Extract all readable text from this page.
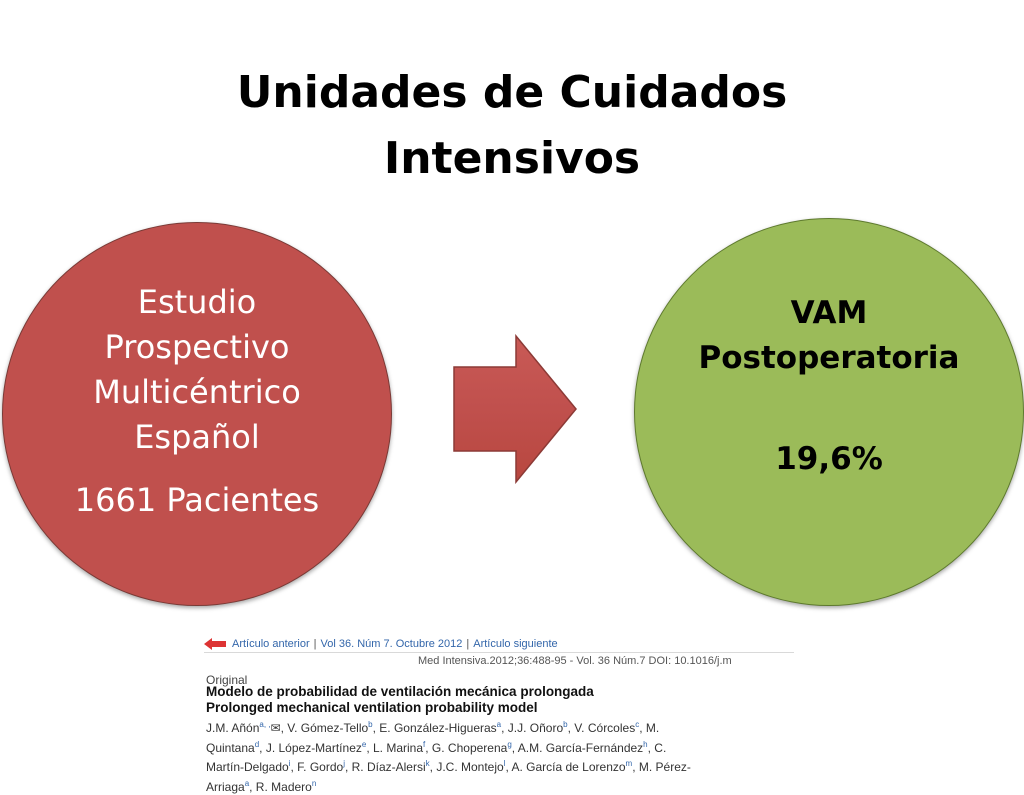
Unidades de Cuidados
Intensivos
Estudio
Prospectivo
Multicéntrico
Español
1661 Pacientes
VAM
Postoperatoria
19,6%
Artículo anterior | Vol 36. Núm 7. Octubre 2012 | Artículo siguiente
Med Intensiva.2012;36:488-95 - Vol. 36 Núm.7 DOI: 10.1016/j.m
Original
Modelo de probabilidad de ventilación mecánica prolongada
Prolonged mechanical ventilation probability model
J.M. Añón$^{a, ,}$✉, V. Gómez-Tello$^b$, E. González-Higueras$^a$, J.J. Oñoro$^b$, V. Córcoles$^c$, M.
Quintana$^d$, J. López-Martínez$^e$, L. Marina$^f$, G. Choperena$^g$, A.M. García-Fernández$^h$, C.
Martín-Delgado$^i$, F. Gordo$^j$, R. Díaz-Alersi$^k$, J.C. Montejo$^l$, A. García de Lorenzo$^m$, M. Pérez-
Arriaga$^a$, R. Madero$^n$
